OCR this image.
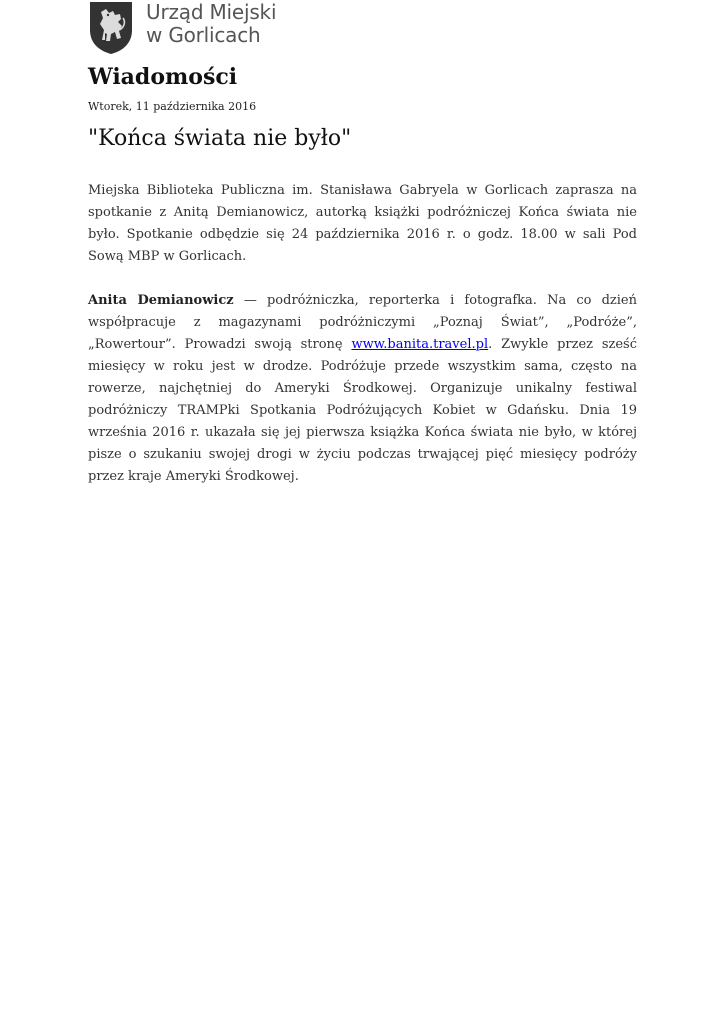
Urząd Miejski
w Gorlicach
Wiadomości
Wtorek, 11 października 2016
"Końca świata nie było"

Miejska Biblioteka Publiczna im. Stanisława Gabryela w Gorlicach zaprasza na spotkanie z Anitą Demianowicz, autorką książki podróżniczej Końca świata nie było. Spotkanie odbędzie się 24 października 2016 r. o godz. 18.00 w sali Pod Sową MBP w Gorlicach.

Anita Demianowicz — podróżniczka, reporterka i fotografka. Na co dzień współpracuje z magazynami podróżniczymi „Poznaj Świat”, „Podróże”, „Rowertour”. Prowadzi swoją stronę www.banita.travel.pl. Zwykle przez sześć miesięcy w roku jest w drodze. Podróżuje przede wszystkim sama, często na rowerze, najchętniej do Ameryki Środkowej. Organizuje unikalny festiwal podróżniczy TRAMPki Spotkania Podróżujących Kobiet w Gdańsku. Dnia 19 września 2016 r. ukazała się jej pierwsza książka Końca świata nie było, w której pisze o szukaniu swojej drogi w życiu podczas trwającej pięć miesięcy podróży przez kraje Ameryki Środkowej.
